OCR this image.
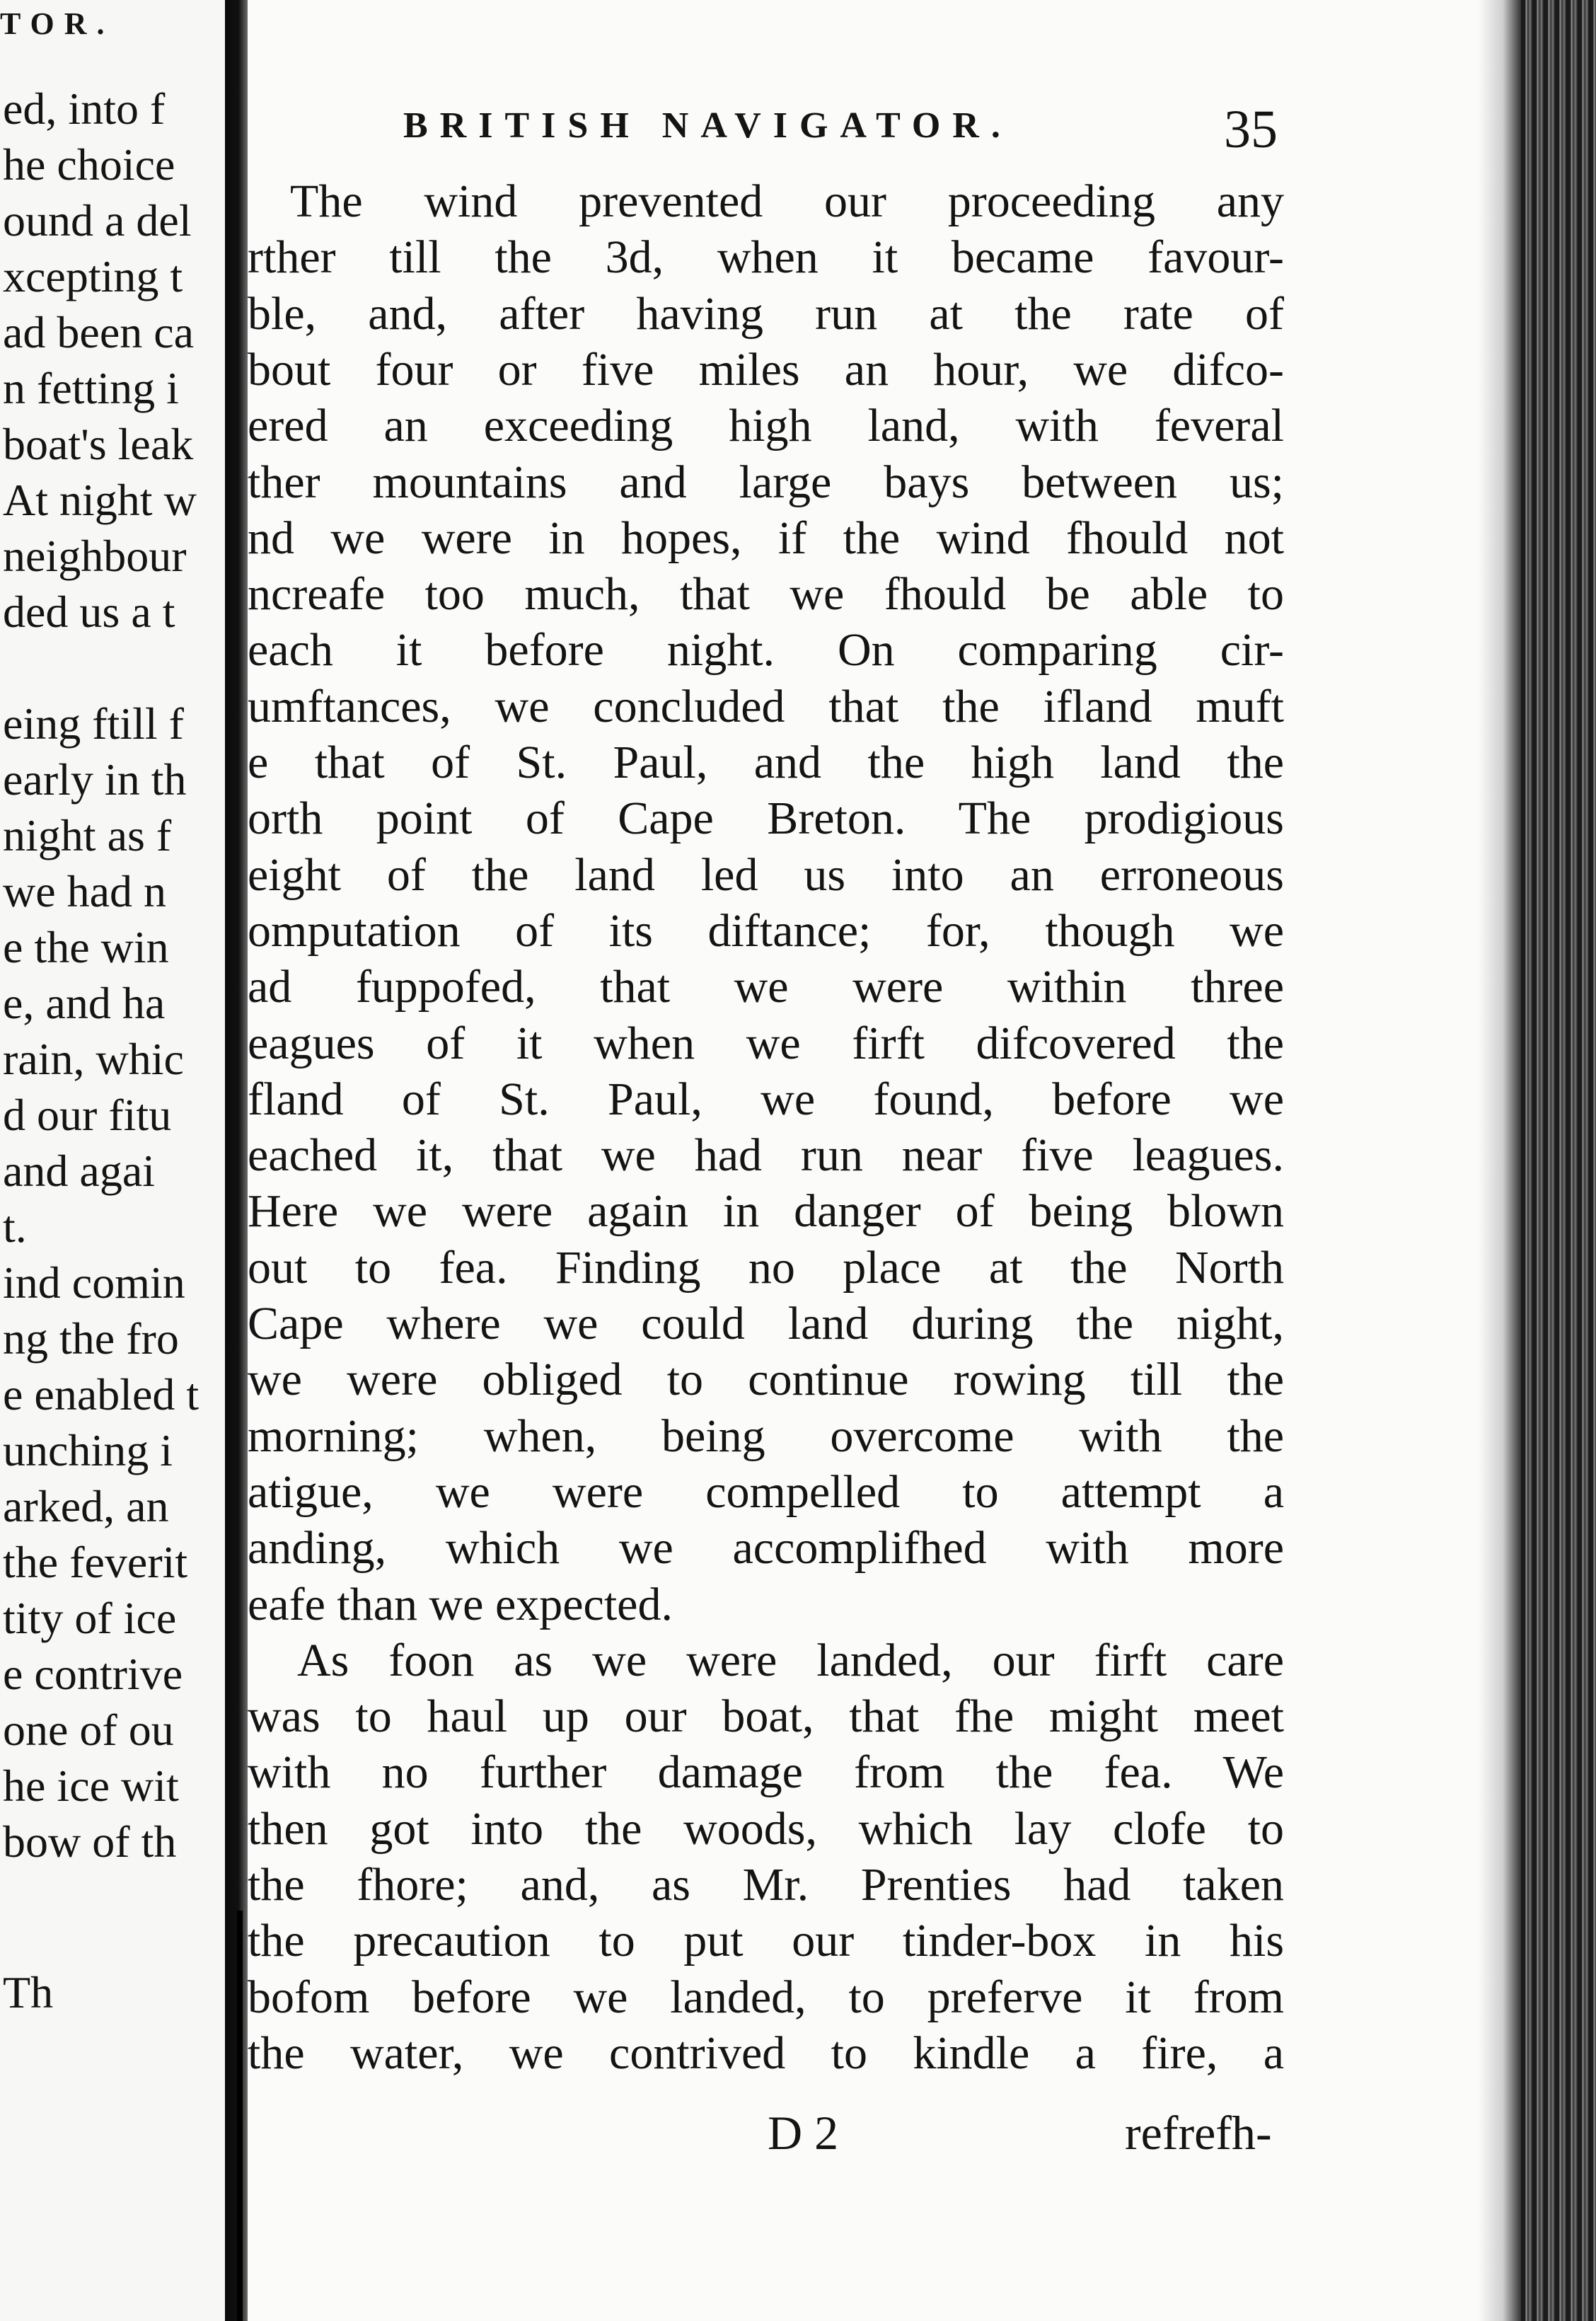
TOR.
ed, into f
he choice
ound a del
xcepting t
ad been ca
n fetting i
boat's leak
At night w
neighbour
ded us a t
eing ftill f
early in th
night as f
we had n
e the win
e, and ha
rain, whic
d our fitu
and agai
t.
ind comin
ng the fro
e enabled t
unching i
arked, an
the feverit
tity of ice
e contrive
one of ou
he ice wit
bow of th
Th
BRITISH NAVIGATOR.	35
The wind prevented our proceeding any
rther till the 3d, when it became favour-
ble, and, after having run at the rate of
bout four or five miles an hour, we difco-
ered an exceeding high land, with feveral
ther mountains and large bays between us;
nd we were in hopes, if the wind fhould not
ncreafe too much, that we fhould be able to
each it before night. On comparing cir-
umftances, we concluded that the ifland muft
e that of St. Paul, and the high land the
orth point of Cape Breton. The prodigious
eight of the land led us into an erroneous
omputation of its diftance; for, though we
ad fuppofed, that we were within three
eagues of it when we firft difcovered the
fland of St. Paul, we found, before we
eached it, that we had run near five leagues.
Here we were again in danger of being blown
out to fea. Finding no place at the North
Cape where we could land during the night,
we were obliged to continue rowing till the
morning; when, being overcome with the
atigue, we were compelled to attempt a
anding, which we accomplifhed with more
eafe than we expected.
As foon as we were landed, our firft care
was to haul up our boat, that fhe might meet
with no further damage from the fea. We
then got into the woods, which lay clofe to
the fhore; and, as Mr. Prenties had taken
the precaution to put our tinder-box in his
bofom before we landed, to preferve it from
the water, we contrived to kindle a fire, a
D 2	refrefh-
